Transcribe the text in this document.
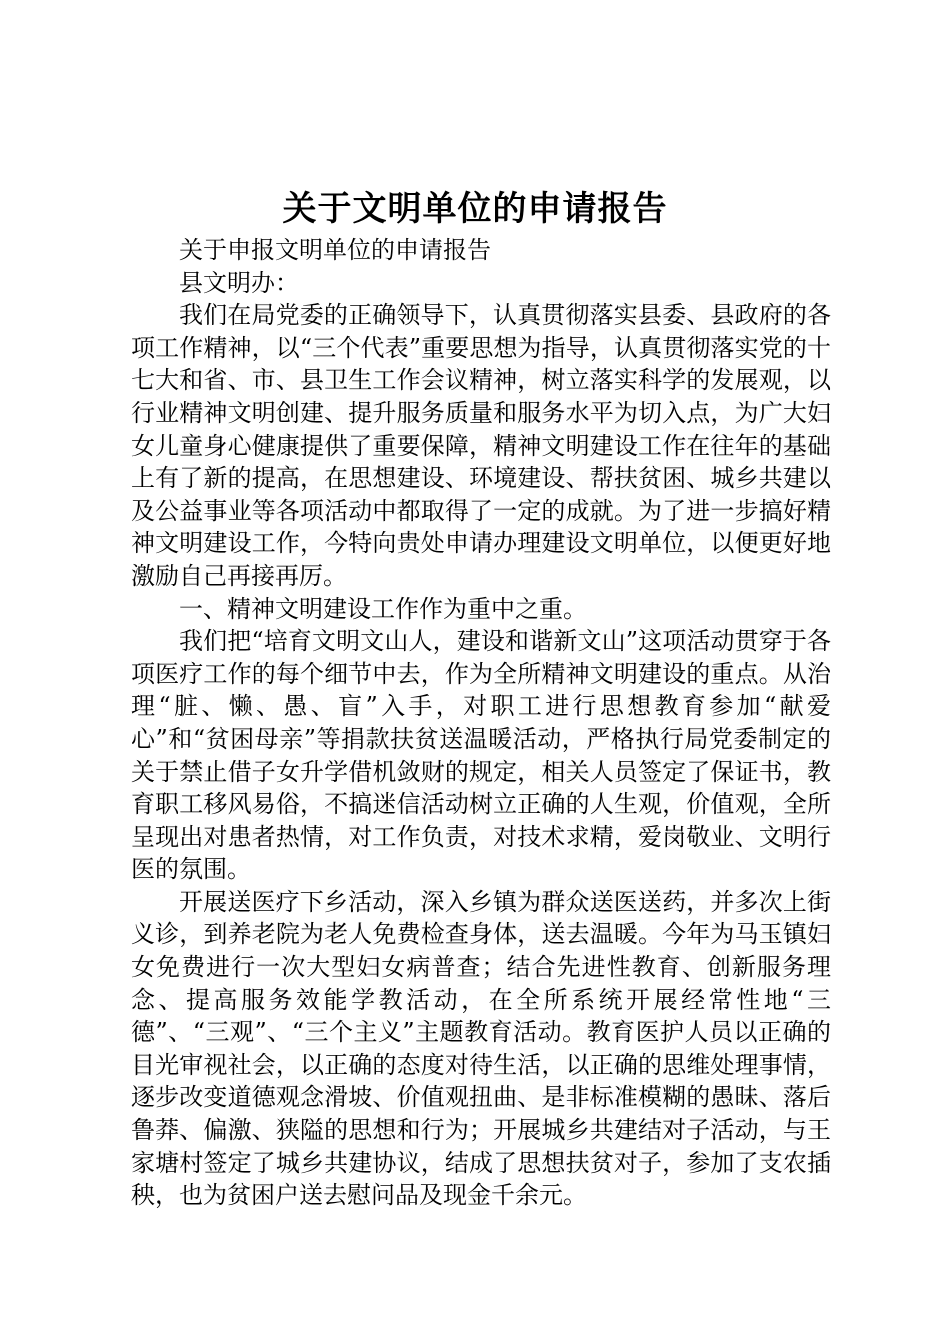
关于文明单位的申请报告

关于申报文明单位的申请报告

县文明办：

我们在局党委的正确领导下，认真贯彻落实县委、县政府的各项工作精神，以“三个代表”重要思想为指导，认真贯彻落实党的十七大和省、市、县卫生工作会议精神，树立落实科学的发展观，以行业精神文明创建、提升服务质量和服务水平为切入点，为广大妇女儿童身心健康提供了重要保障，精神文明建设工作在往年的基础上有了新的提高，在思想建设、环境建设、帮扶贫困、城乡共建以及公益事业等各项活动中都取得了一定的成就。为了进一步搞好精神文明建设工作，今特向贵处申请办理建设文明单位，以便更好地激励自己再接再厉。

一、精神文明建设工作作为重中之重。

我们把“培育文明文山人，建设和谐新文山”这项活动贯穿于各项医疗工作的每个细节中去，作为全所精神文明建设的重点。从治理“脏、懒、愚、盲”入手，对职工进行思想教育参加“献爱心”和“贫困母亲”等捐款扶贫送温暖活动，严格执行局党委制定的关于禁止借子女升学借机敛财的规定，相关人员签定了保证书，教育职工移风易俗，不搞迷信活动树立正确的人生观，价值观，全所呈现出对患者热情，对工作负责，对技术求精，爱岗敬业、文明行医的氛围。

开展送医疗下乡活动，深入乡镇为群众送医送药，并多次上街义诊，到养老院为老人免费检查身体，送去温暖。今年为马玉镇妇女免费进行一次大型妇女病普查；结合先进性教育、创新服务理念、提高服务效能学教活动，在全所系统开展经常性地“三德”、“三观”、“三个主义”主题教育活动。教育医护人员以正确的目光审视社会，以正确的态度对待生活，以正确的思维处理事情，逐步改变道德观念滑坡、价值观扭曲、是非标准模糊的愚昧、落后鲁莽、偏激、狭隘的思想和行为；开展城乡共建结对子活动，与王家塘村签定了城乡共建协议，结成了思想扶贫对子，参加了支农插秧，也为贫困户送去慰问品及现金千余元。
